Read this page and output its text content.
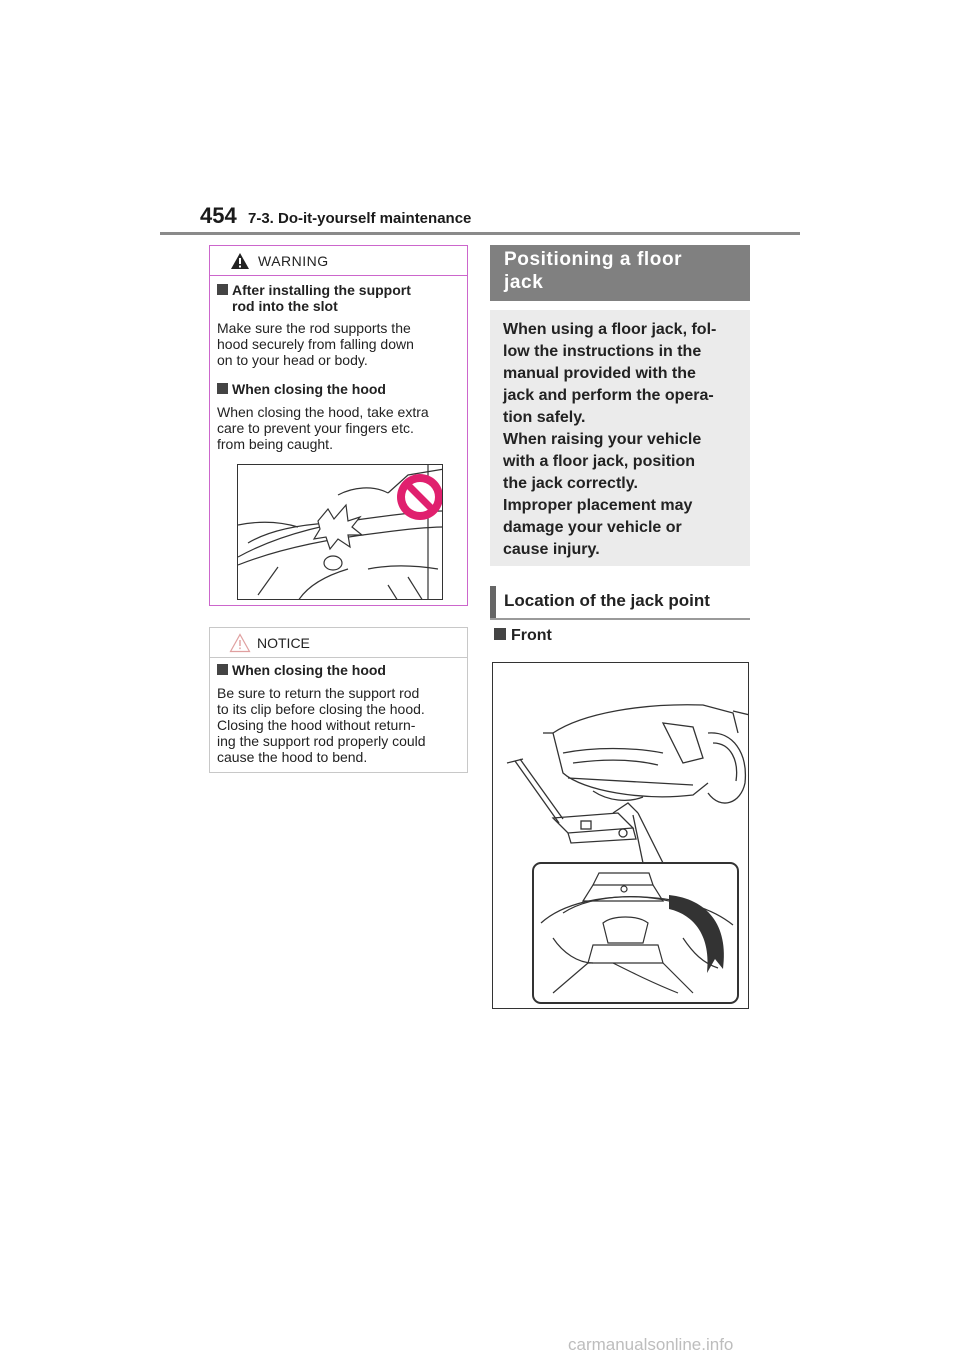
454 7-3. Do-it-yourself maintenance
WARNING
After installing the support
rod into the slot
Make sure the rod supports the
hood securely from falling down
on to your head or body.
When closing the hood
When closing the hood, take extra
care to prevent your fingers etc.
from being caught.
NOTICE
When closing the hood
Be sure to return the support rod
to its clip before closing the hood.
Closing the hood without return-
ing the support rod properly could
cause the hood to bend.
Positioning a floor
jack
When using a floor jack, fol-
low the instructions in the
manual provided with the
jack and perform the opera-
tion safely.
When raising your vehicle
with a floor jack, position
the jack correctly.
Improper placement may
damage your vehicle or
cause injury.
Location of the jack point
Front
carmanualsonline.info
